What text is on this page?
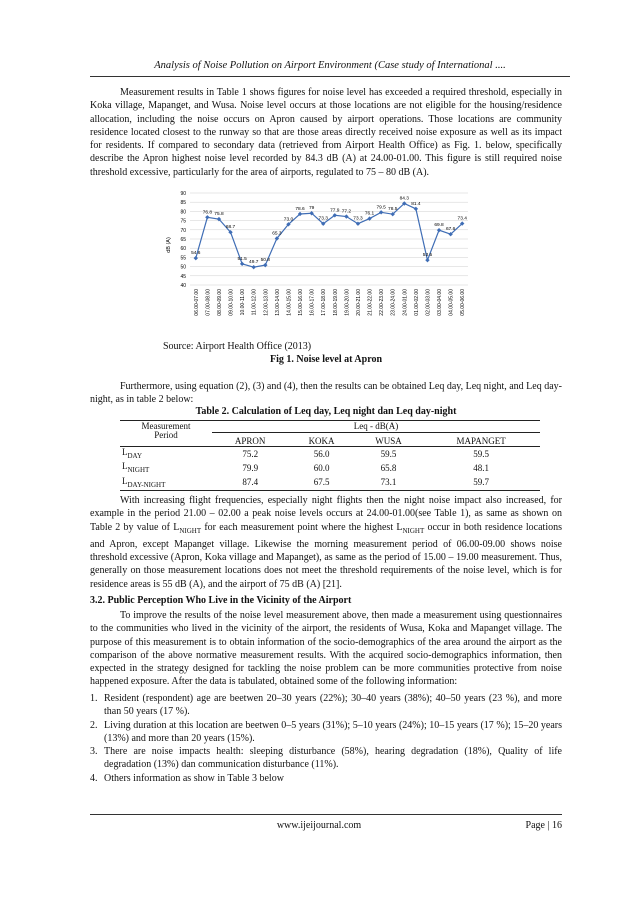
Analysis of Noise Pollution on Airport Environment (Case study of International ....

Measurement results in Table 1 shows figures for noise level has exceeded a required threshold, especially in Koka village, Mapanget, and Wusa. Noise level occurs at those locations are not eligible for the housing/residence allocation, including the noise occurs on Apron caused by airport operations. Those locations are community residence located closest to the runway so that are those areas directly received noise exposure as well as its impact for residents. If compared to secondary data (retrieved from Airport Health Office) as Fig. 1. below, specifically describe the Apron highest noise level recorded by 84.3 dB (A) at 24.00-01.00. This figure is still required noise threshold excessive, particularly for the area of airports, regulated to 75 – 80 dB (A).

dB (A)
40
45
50
55
60
65
70
75
80
85
90
06.00-07.00 07.00-08.00 08.00-09.00 09.00-10.00 10.00-11.00 11.00-12.00 12.00-13.00 13.00-14.00 14.00-15.00 15.00-16.00 16.00-17.00 17.00-18.00 18.00-19.00 19.00-20.00 20.00-21.00 21.00-22.00 22.00-23.00 23.00-24.00 24.00-01.00 01.00-02.00 02.00-03.00 03.00-04.00 04.00-05.00 05.00-06.00
54.6
76.8 75.8
68.7
51.5
49.7 50.8
65.3
73.0
78.6 79
73.3
77.9 77.2
73.3
76.1
79.5 78.5
84.3
81.4
53.5
69.8
67.6
73.4
Source: Airport Health Office (2013)
Fig 1. Noise level at Apron

Furthermore, using equation (2), (3) and (4), then the results can be obtained Leq day, Leq night, and Leq day-night, as in table 2 below:

Table 2. Calculation of Leq day, Leq night dan Leq day-night
Measurement	Leq - dB(A)			
Period	APRON	KOKA	WUSA	MAPANGET
$L_{DAY}$	75.2	56.0	59.5	59.5
$L_{NIGHT}$	79.9	60.0	65.8	48.1
$L_{DAY-NIGHT}$	87.4	67.5	73.1	59.7

With increasing flight frequencies, especially night flights then the night noise impact also increased, for example in the period 21.00 – 02.00 a peak noise levels occurs at 24.00-01.00(see Table 1), as same as shown on Table 2 by value of $L_{NIGHT}$ for each measurement point where the highest $L_{NIGHT}$ occur in both residence locations and Apron, except Mapanget village. Likewise the morning measurement period of 06.00-09.00 shows noise threshold excessive (Apron, Koka village and Mapanget), as same as the period of 15.00 – 19.00 measurement. Thus, generally on those measurement locations does not meet the threshold requirements of the noise level, which is for residence areas is 55 dB (A), and the airport of 75 dB (A) [21].

3.2. Public Perception Who Live in the Vicinity of the Airport

To improve the results of the noise level measurement above, then made a measurement using questionnaires to the communities who lived in the vicinity of the airport, the residents of Wusa, Koka and Mapanget village. The purpose of this measurement is to obtain information of the socio-demographics of the area around the airport as the comparison of the above normative measurement results. With the acquired socio-demographics information, then expected in the strategy designed for tackling the noise problem can be more communities protective from noise happened exposure. After the data is tabulated, obtained some of the following information:

1. Resident (respondent) age are beetwen 20–30 years (22%); 30–40 years (38%); 40–50 years (23 %), and more than 50 years (17 %).
2. Living duration at this location are beetwen 0–5 years (31%); 5–10 years (24%); 10–15 years (17 %); 15–20 years (13%) and more than 20 years (15%).
3. There are noise impacts health: sleeping disturbance (58%), hearing degradation (18%), Quality of life degradation (13%) dan communication disturbance (11%).
4. Others information as show in Table 3 below
www.ijeijournal.com	Page | 16
